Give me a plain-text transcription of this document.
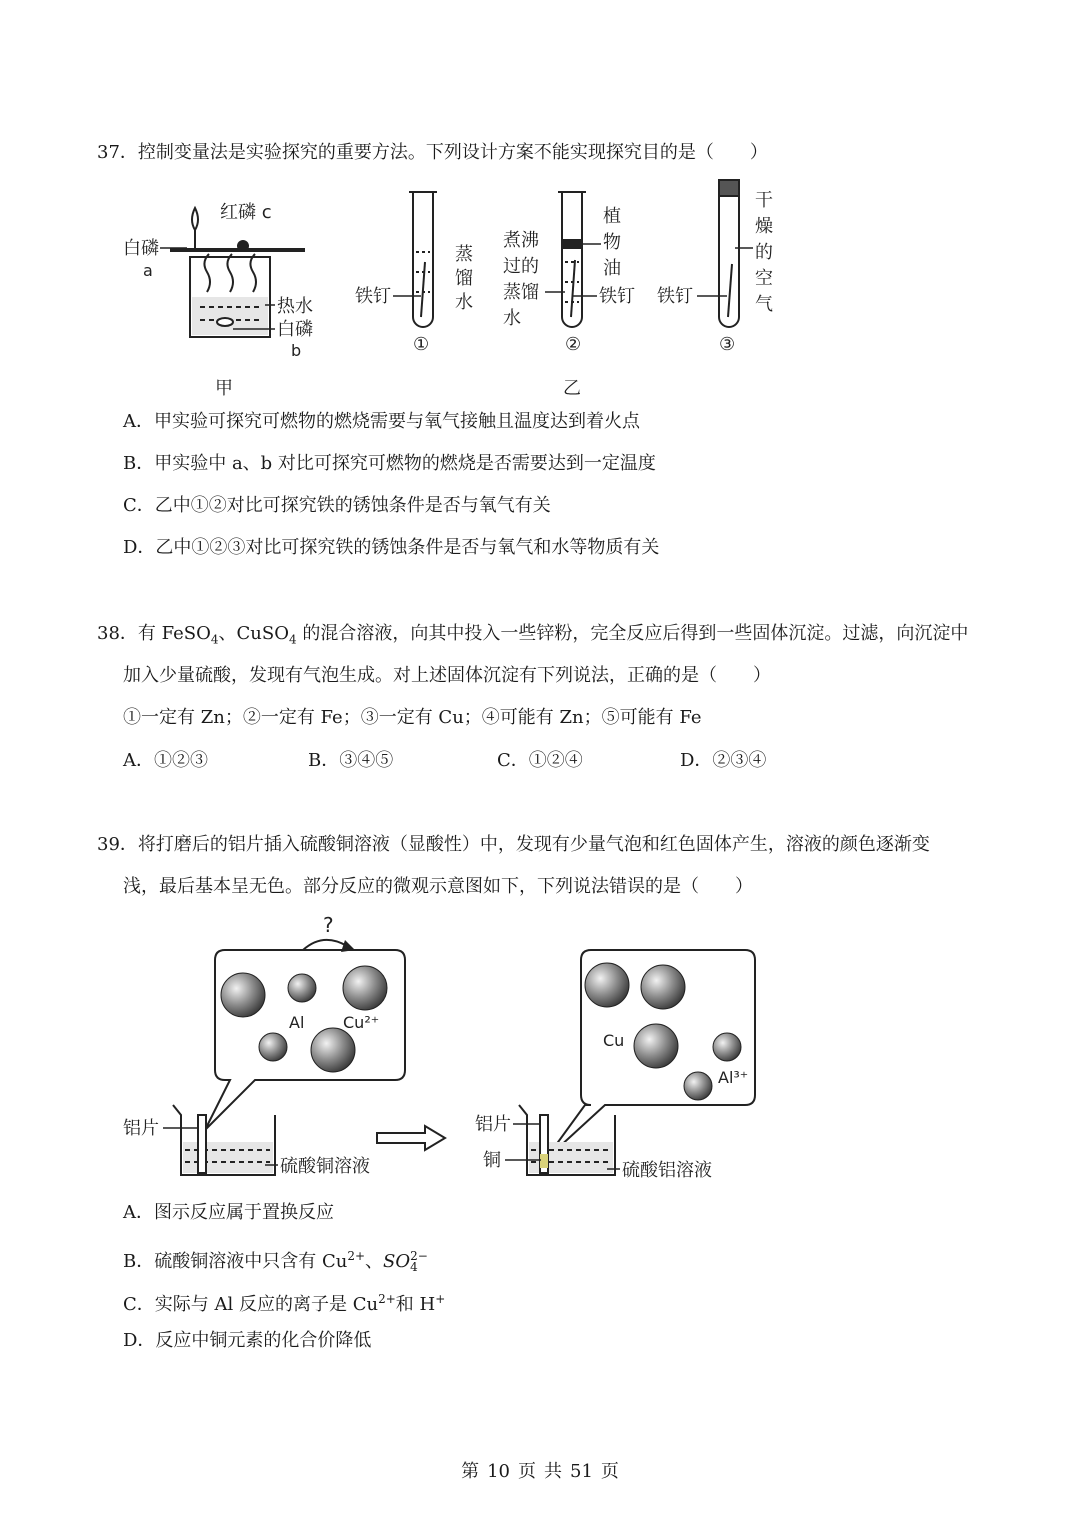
37．控制变量法是实验探究的重要方法。下列设计方案不能实现探究目的是（　　）
红磷 c
白磷
a
热水
白磷
b
甲
铁钉
蒸
馏
水
①
煮沸
过的
蒸馏
水
植
物
油
铁钉
②
铁钉
干
燥
的
空
气
③
乙
A．甲实验可探究可燃物的燃烧需要与氧气接触且温度达到着火点
B．甲实验中 a、b 对比可探究可燃物的燃烧是否需要达到一定温度
C．乙中①②对比可探究铁的锈蚀条件是否与氧气有关
D．乙中①②③对比可探究铁的锈蚀条件是否与氧气和水等物质有关
38．有 FeSO$_4$、CuSO$_4$ 的混合溶液，向其中投入一些锌粉，完全反应后得到一些固体沉淀。过滤，向沉淀中
加入少量硫酸，发现有气泡生成。对上述固体沉淀有下列说法，正确的是（　　）
①一定有 Zn；②一定有 Fe；③一定有 Cu；④可能有 Zn；⑤可能有 Fe
A．①②③	B．③④⑤	C．①②④	D．②③④
39．将打磨后的铝片插入硫酸铜溶液（显酸性）中，发现有少量气泡和红色固体产生，溶液的颜色逐渐变
浅，最后基本呈无色。部分反应的微观示意图如下，下列说法错误的是（　　）
?
Al Cu²⁺
铝片
硫酸铜溶液
Cu
Al³⁺
铝片
铜	硫酸铝溶液
A．图示反应属于置换反应
B．硫酸铜溶液中只含有 $Cu^{2+}$、SO 2−
4
C．实际与 Al 反应的离子是 $Cu^{2+}$和 H+
D．反应中铜元素的化合价降低
第 10 页 共 51 页
